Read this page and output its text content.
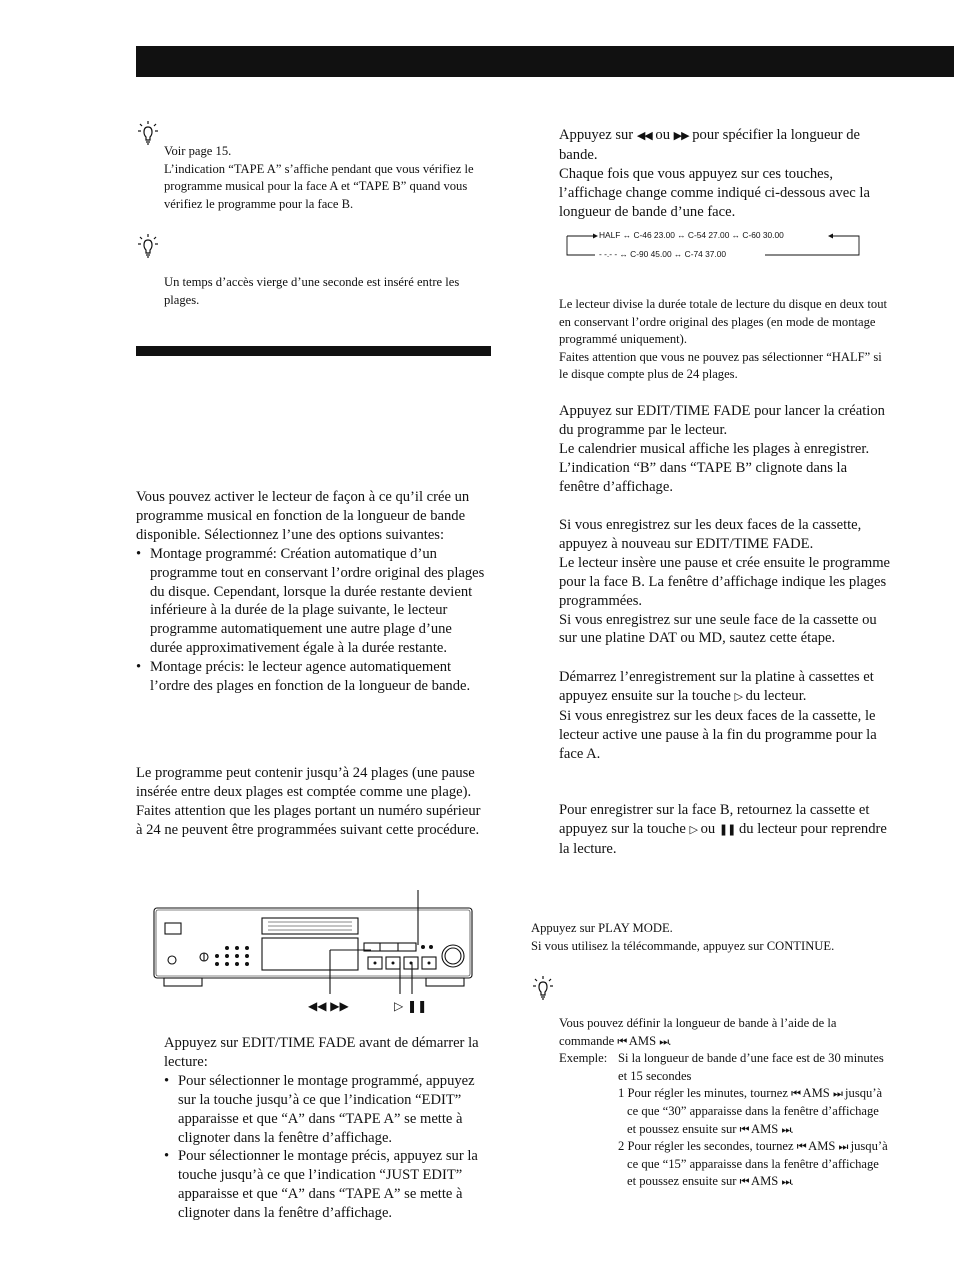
Voir page 15.

L’indication “TAPE A” s’affiche pendant que vous vérifiez le programme musical pour la face A et “TAPE B” quand vous vérifiez le programme pour la face B.

Un temps d’accès vierge d’une seconde est inséré entre les plages.

Vous pouvez activer le lecteur de façon à ce qu’il crée un programme musical en fonction de la longueur de bande disponible. Sélectionnez l’une des options suivantes:

• Montage programmé: Création automatique d’un programme tout en conservant l’ordre original des plages du disque. Cependant, lorsque la durée restante devient inférieure à la durée de la plage suivante, le lecteur programme automatiquement une autre plage d’une durée approximativement égale à la durée restante.
• Montage précis: le lecteur agence automatiquement l’ordre des plages en fonction de la longueur de bande.

Le programme peut contenir jusqu’à 24 plages (une pause insérée entre deux plages est comptée comme une plage).

Faites attention que les plages portant un numéro supérieur à 24 ne peuvent être programmées suivant cette procédure.

◀◀ ▶▶	▷ ❚❚

Appuyez sur EDIT/TIME FADE avant de démarrer la lecture:

• Pour sélectionner le montage programmé, appuyez sur la touche jusqu’à ce que l’indication “EDIT” apparaisse et que “A” dans “TAPE A” se mette à clignoter dans la fenêtre d’affichage.
• Pour sélectionner le montage précis, appuyez sur la touche jusqu’à ce que l’indication “JUST EDIT” apparaisse et que “A” dans “TAPE A” se mette à clignoter dans la fenêtre d’affichage.

Appuyez sur ◀◀ ou ▶▶ pour spécifier la longueur de bande.

Chaque fois que vous appuyez sur ces touches, l’affichage change comme indiqué ci-dessous avec la longueur de bande d’une face.

HALF ↔ C-46 23.00 ↔ C-54 27.00 ↔ C-60 30.00
- -.- - ↔ C-90 45.00 ↔ C-74 37.00

Le lecteur divise la durée totale de lecture du disque en deux tout en conservant l’ordre original des plages (en mode de montage programmé uniquement).

Faites attention que vous ne pouvez pas sélectionner “HALF” si le disque compte plus de 24 plages.

Appuyez sur EDIT/TIME FADE pour lancer la création du programme par le lecteur.

Le calendrier musical affiche les plages à enregistrer. L’indication “B” dans “TAPE B” clignote dans la fenêtre d’affichage.

Si vous enregistrez sur les deux faces de la cassette, appuyez à nouveau sur EDIT/TIME FADE.

Le lecteur insère une pause et crée ensuite le programme pour la face B. La fenêtre d’affichage indique les plages programmées.

Si vous enregistrez sur une seule face de la cassette ou sur une platine DAT ou MD, sautez cette étape.

Démarrez l’enregistrement sur la platine à cassettes et appuyez ensuite sur la touche ▷ du lecteur.

Si vous enregistrez sur les deux faces de la cassette, le lecteur active une pause à la fin du programme pour la face A.

Pour enregistrer sur la face B, retournez la cassette et appuyez sur la touche ▷ ou ❚❚ du lecteur pour reprendre la lecture.

Appuyez sur PLAY MODE.

Si vous utilisez la télécommande, appuyez sur CONTINUE.

Vous pouvez définir la longueur de bande à l’aide de la commande ⏮ AMS ⏭.

Exemple: Si la longueur de bande d’une face est de 30 minutes et 15 secondes

1 Pour régler les minutes, tournez ⏮ AMS ⏭ jusqu’à ce que “30” apparaisse dans la fenêtre d’affichage et poussez ensuite sur ⏮ AMS ⏭.

2 Pour régler les secondes, tournez ⏮ AMS ⏭ jusqu’à ce que “15” apparaisse dans la fenêtre d’affichage et poussez ensuite sur ⏮ AMS ⏭.
